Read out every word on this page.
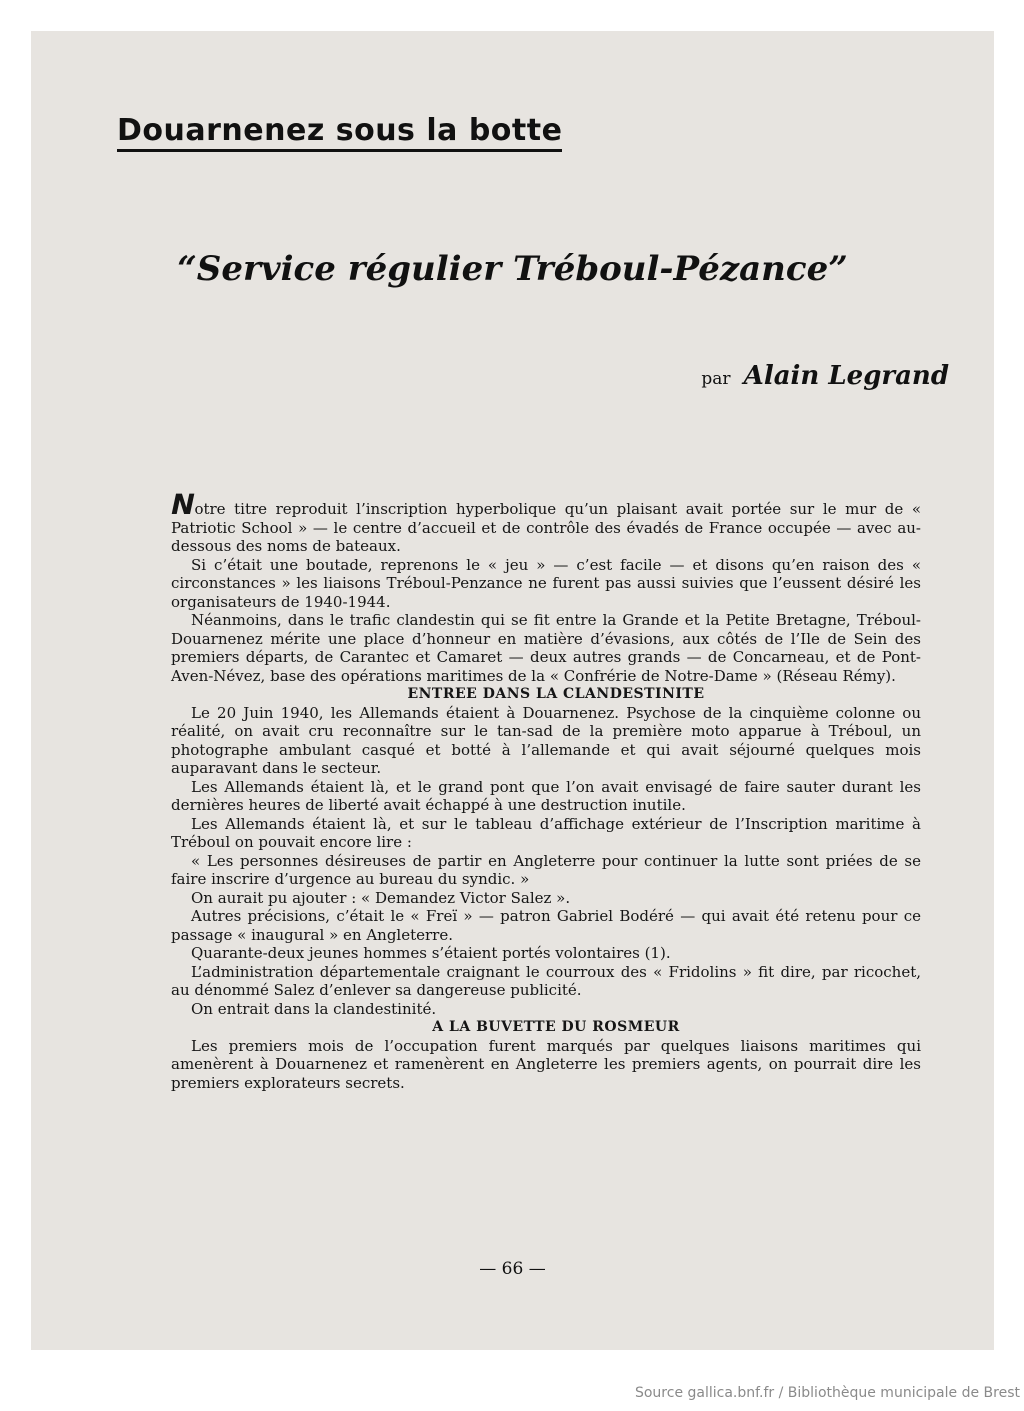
Douarnenez sous la botte
“Service régulier Tréboul-Pézance”
par Alain Legrand

Notre titre reproduit l’inscription hyperbolique qu’un plaisant avait portée sur le mur de « Patriotic School » — le centre d’accueil et de contrôle des évadés de France occupée — avec au-dessous des noms de bateaux.

Si c’était une boutade, reprenons le « jeu » — c’est facile — et disons qu’en raison des « circonstances » les liaisons Tréboul-Penzance ne furent pas aussi suivies que l’eussent désiré les organisateurs de 1940-1944.

Néanmoins, dans le trafic clandestin qui se fit entre la Grande et la Petite Bretagne, Tréboul-Douarnenez mérite une place d’honneur en matière d’évasions, aux côtés de l’Ile de Sein des premiers départs, de Carantec et Camaret — deux autres grands — de Concarneau, et de Pont-Aven-Névez, base des opérations maritimes de la « Confrérie de Notre-Dame » (Réseau Rémy).

ENTREE DANS LA CLANDESTINITE

Le 20 Juin 1940, les Allemands étaient à Douarnenez. Psychose de la cinquième colonne ou réalité, on avait cru reconnaître sur le tan-sad de la première moto apparue à Tréboul, un photographe ambulant casqué et botté à l’allemande et qui avait séjourné quelques mois auparavant dans le secteur.

Les Allemands étaient là, et le grand pont que l’on avait envisagé de faire sauter durant les dernières heures de liberté avait échappé à une destruction inutile.

Les Allemands étaient là, et sur le tableau d’affichage extérieur de l’Inscription maritime à Tréboul on pouvait encore lire :

« Les personnes désireuses de partir en Angleterre pour continuer la lutte sont priées de se faire inscrire d’urgence au bureau du syndic. »

On aurait pu ajouter : « Demandez Victor Salez ».

Autres précisions, c’était le « Freï » — patron Gabriel Bodéré — qui avait été retenu pour ce passage « inaugural » en Angleterre.

Quarante-deux jeunes hommes s’étaient portés volontaires (1).

L’administration départementale craignant le courroux des « Fridolins » fit dire, par ricochet, au dénommé Salez d’enlever sa dangereuse publicité.

On entrait dans la clandestinité.

A LA BUVETTE DU ROSMEUR

Les premiers mois de l’occupation furent marqués par quelques liaisons maritimes qui amenèrent à Douarnenez et ramenèrent en Angleterre les premiers agents, on pourrait dire les premiers explorateurs secrets.

— 66 —
Source gallica.bnf.fr / Bibliothèque municipale de Brest
